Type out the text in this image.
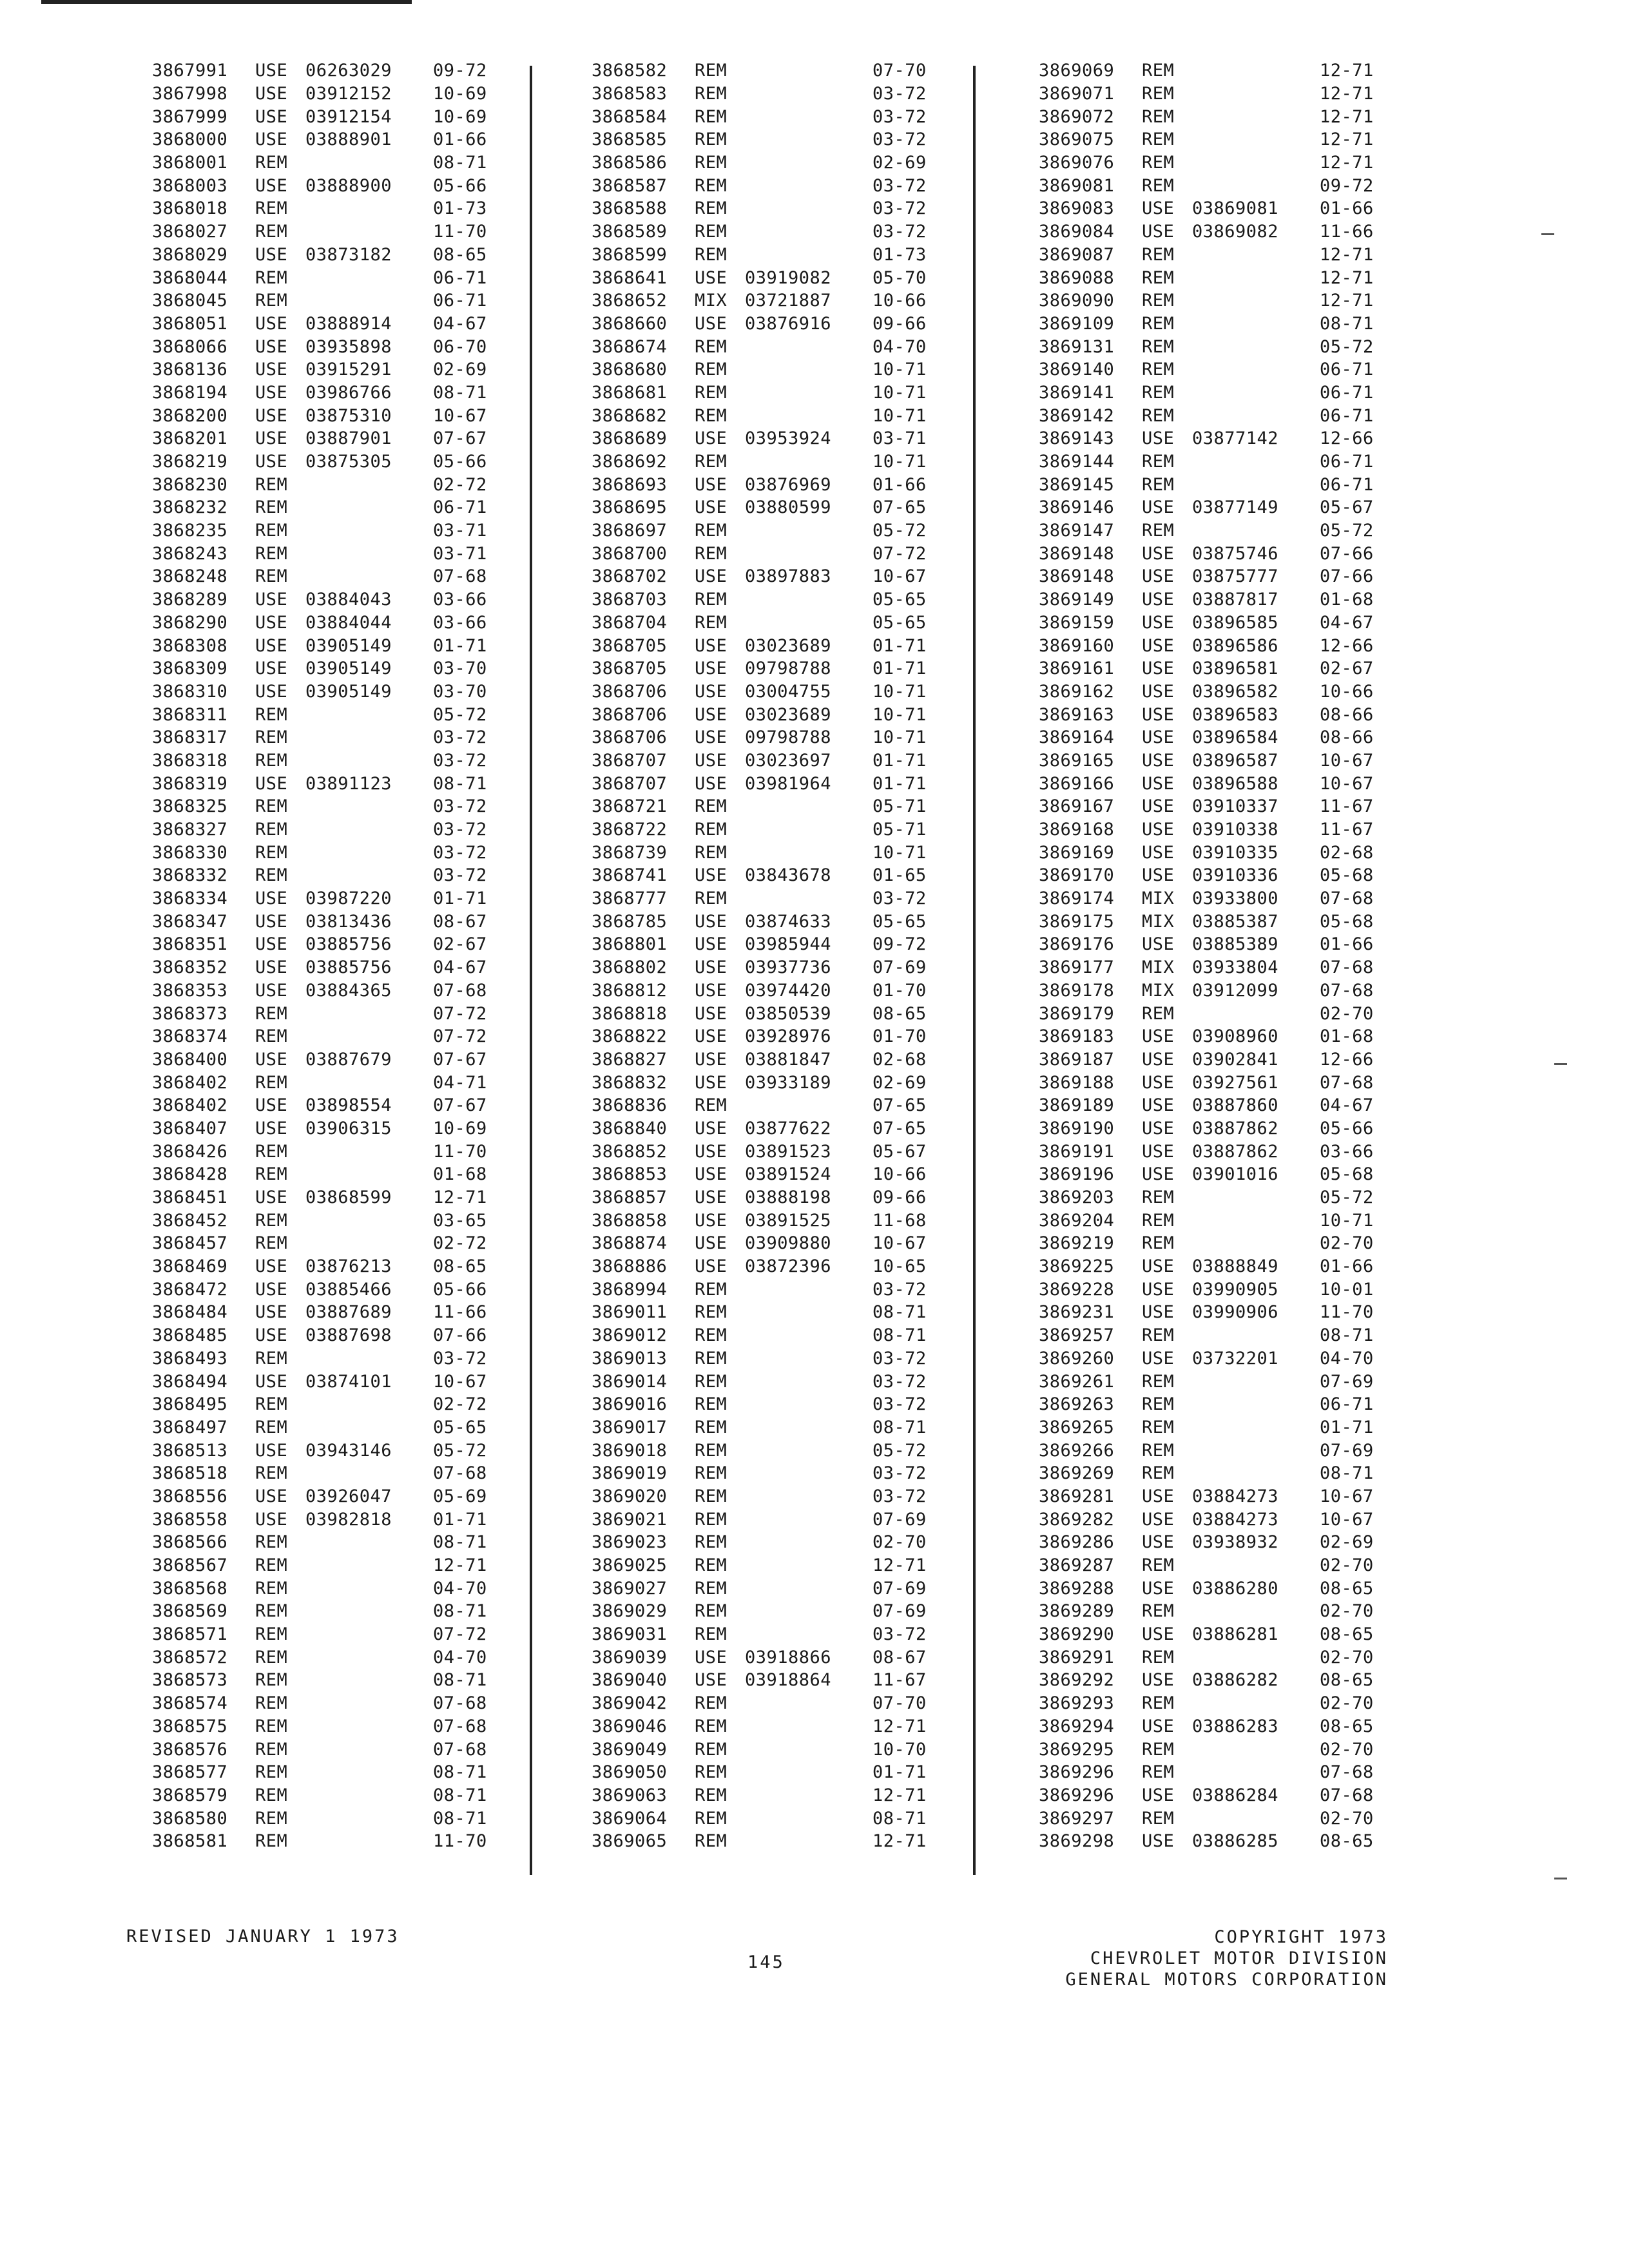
3867991	USE	06263029	09-72
3867998	USE	03912152	10-69
3867999	USE	03912154	10-69
3868000	USE	03888901	01-66
3868001	REM	08-71
3868003	USE	03888900	05-66
3868018	REM	01-73
3868027	REM	11-70
3868029	USE	03873182	08-65
3868044	REM	06-71
3868045	REM	06-71
3868051	USE	03888914	04-67
3868066	USE	03935898	06-70
3868136	USE	03915291	02-69
3868194	USE	03986766	08-71
3868200	USE	03875310	10-67
3868201	USE	03887901	07-67
3868219	USE	03875305	05-66
3868230	REM	02-72
3868232	REM	06-71
3868235	REM	03-71
3868243	REM	03-71
3868248	REM	07-68
3868289	USE	03884043	03-66
3868290	USE	03884044	03-66
3868308	USE	03905149	01-71
3868309	USE	03905149	03-70
3868310	USE	03905149	03-70
3868311	REM	05-72
3868317	REM	03-72
3868318	REM	03-72
3868319	USE	03891123	08-71
3868325	REM	03-72
3868327	REM	03-72
3868330	REM	03-72
3868332	REM	03-72
3868334	USE	03987220	01-71
3868347	USE	03813436	08-67
3868351	USE	03885756	02-67
3868352	USE	03885756	04-67
3868353	USE	03884365	07-68
3868373	REM	07-72
3868374	REM	07-72
3868400	USE	03887679	07-67
3868402	REM	04-71
3868402	USE	03898554	07-67
3868407	USE	03906315	10-69
3868426	REM	11-70
3868428	REM	01-68
3868451	USE	03868599	12-71
3868452	REM	03-65
3868457	REM	02-72
3868469	USE	03876213	08-65
3868472	USE	03885466	05-66
3868484	USE	03887689	11-66
3868485	USE	03887698	07-66
3868493	REM	03-72
3868494	USE	03874101	10-67
3868495	REM	02-72
3868497	REM	05-65
3868513	USE	03943146	05-72
3868518	REM	07-68
3868556	USE	03926047	05-69
3868558	USE	03982818	01-71
3868566	REM	08-71
3868567	REM	12-71
3868568	REM	04-70
3868569	REM	08-71
3868571	REM	07-72
3868572	REM	04-70
3868573	REM	08-71
3868574	REM	07-68
3868575	REM	07-68
3868576	REM	07-68
3868577	REM	08-71
3868579	REM	08-71
3868580	REM	08-71
3868581	REM	11-70
3868582	REM	07-70
3868583	REM	03-72
3868584	REM	03-72
3868585	REM	03-72
3868586	REM	02-69
3868587	REM	03-72
3868588	REM	03-72
3868589	REM	03-72
3868599	REM	01-73
3868641	USE	03919082	05-70
3868652	MIX	03721887	10-66
3868660	USE	03876916	09-66
3868674	REM	04-70
3868680	REM	10-71
3868681	REM	10-71
3868682	REM	10-71
3868689	USE	03953924	03-71
3868692	REM	10-71
3868693	USE	03876969	01-66
3868695	USE	03880599	07-65
3868697	REM	05-72
3868700	REM	07-72
3868702	USE	03897883	10-67
3868703	REM	05-65
3868704	REM	05-65
3868705	USE	03023689	01-71
3868705	USE	09798788	01-71
3868706	USE	03004755	10-71
3868706	USE	03023689	10-71
3868706	USE	09798788	10-71
3868707	USE	03023697	01-71
3868707	USE	03981964	01-71
3868721	REM	05-71
3868722	REM	05-71
3868739	REM	10-71
3868741	USE	03843678	01-65
3868777	REM	03-72
3868785	USE	03874633	05-65
3868801	USE	03985944	09-72
3868802	USE	03937736	07-69
3868812	USE	03974420	01-70
3868818	USE	03850539	08-65
3868822	USE	03928976	01-70
3868827	USE	03881847	02-68
3868832	USE	03933189	02-69
3868836	REM	07-65
3868840	USE	03877622	07-65
3868852	USE	03891523	05-67
3868853	USE	03891524	10-66
3868857	USE	03888198	09-66
3868858	USE	03891525	11-68
3868874	USE	03909880	10-67
3868886	USE	03872396	10-65
3868994	REM	03-72
3869011	REM	08-71
3869012	REM	08-71
3869013	REM	03-72
3869014	REM	03-72
3869016	REM	03-72
3869017	REM	08-71
3869018	REM	05-72
3869019	REM	03-72
3869020	REM	03-72
3869021	REM	07-69
3869023	REM	02-70
3869025	REM	12-71
3869027	REM	07-69
3869029	REM	07-69
3869031	REM	03-72
3869039	USE	03918866	08-67
3869040	USE	03918864	11-67
3869042	REM	07-70
3869046	REM	12-71
3869049	REM	10-70
3869050	REM	01-71
3869063	REM	12-71
3869064	REM	08-71
3869065	REM	12-71
3869069	REM	12-71
3869071	REM	12-71
3869072	REM	12-71
3869075	REM	12-71
3869076	REM	12-71
3869081	REM	09-72
3869083	USE	03869081	01-66
3869084	USE	03869082	11-66
3869087	REM	12-71
3869088	REM	12-71
3869090	REM	12-71
3869109	REM	08-71
3869131	REM	05-72
3869140	REM	06-71
3869141	REM	06-71
3869142	REM	06-71
3869143	USE	03877142	12-66
3869144	REM	06-71
3869145	REM	06-71
3869146	USE	03877149	05-67
3869147	REM	05-72
3869148	USE	03875746	07-66
3869148	USE	03875777	07-66
3869149	USE	03887817	01-68
3869159	USE	03896585	04-67
3869160	USE	03896586	12-66
3869161	USE	03896581	02-67
3869162	USE	03896582	10-66
3869163	USE	03896583	08-66
3869164	USE	03896584	08-66
3869165	USE	03896587	10-67
3869166	USE	03896588	10-67
3869167	USE	03910337	11-67
3869168	USE	03910338	11-67
3869169	USE	03910335	02-68
3869170	USE	03910336	05-68
3869174	MIX	03933800	07-68
3869175	MIX	03885387	05-68
3869176	USE	03885389	01-66
3869177	MIX	03933804	07-68
3869178	MIX	03912099	07-68
3869179	REM	02-70
3869183	USE	03908960	01-68
3869187	USE	03902841	12-66
3869188	USE	03927561	07-68
3869189	USE	03887860	04-67
3869190	USE	03887862	05-66
3869191	USE	03887862	03-66
3869196	USE	03901016	05-68
3869203	REM	05-72
3869204	REM	10-71
3869219	REM	02-70
3869225	USE	03888849	01-66
3869228	USE	03990905	10-01
3869231	USE	03990906	11-70
3869257	REM	08-71
3869260	USE	03732201	04-70
3869261	REM	07-69
3869263	REM	06-71
3869265	REM	01-71
3869266	REM	07-69
3869269	REM	08-71
3869281	USE	03884273	10-67
3869282	USE	03884273	10-67
3869286	USE	03938932	02-69
3869287	REM	02-70
3869288	USE	03886280	08-65
3869289	REM	02-70
3869290	USE	03886281	08-65
3869291	REM	02-70
3869292	USE	03886282	08-65
3869293	REM	02-70
3869294	USE	03886283	08-65
3869295	REM	02-70
3869296	REM	07-68
3869296	USE	03886284	07-68
3869297	REM	02-70
3869298	USE	03886285	08-65
REVISED JANUARY 1 1973
145
COPYRIGHT 1973
CHEVROLET MOTOR DIVISION
GENERAL MOTORS CORPORATION
